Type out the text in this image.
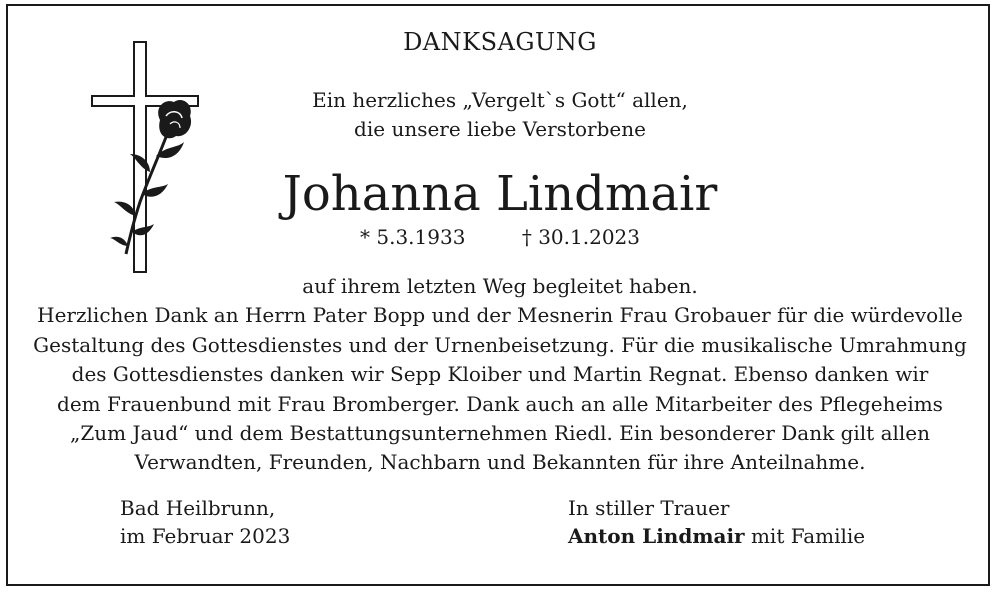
DANKSAGUNG
Ein herzliches „Vergelt`s Gott“ allen,
die unsere liebe Verstorbene
Johanna Lindmair
* 5.3.1933	† 30.1.2023
auf ihrem letzten Weg begleitet haben.
Herzlichen Dank an Herrn Pater Bopp und der Mesnerin Frau Grobauer für die würdevolle
Gestaltung des Gottesdienstes und der Urnenbeisetzung. Für die musikalische Umrahmung
des Gottesdienstes danken wir Sepp Kloiber und Martin Regnat. Ebenso danken wir
dem Frauenbund mit Frau Bromberger. Dank auch an alle Mitarbeiter des Pflegeheims
„Zum Jaud“ und dem Bestattungsunternehmen Riedl. Ein besonderer Dank gilt allen
Verwandten, Freunden, Nachbarn und Bekannten für ihre Anteilnahme.
Bad Heilbrunn,
im Februar 2023
In stiller Trauer
Anton Lindmair mit Familie
